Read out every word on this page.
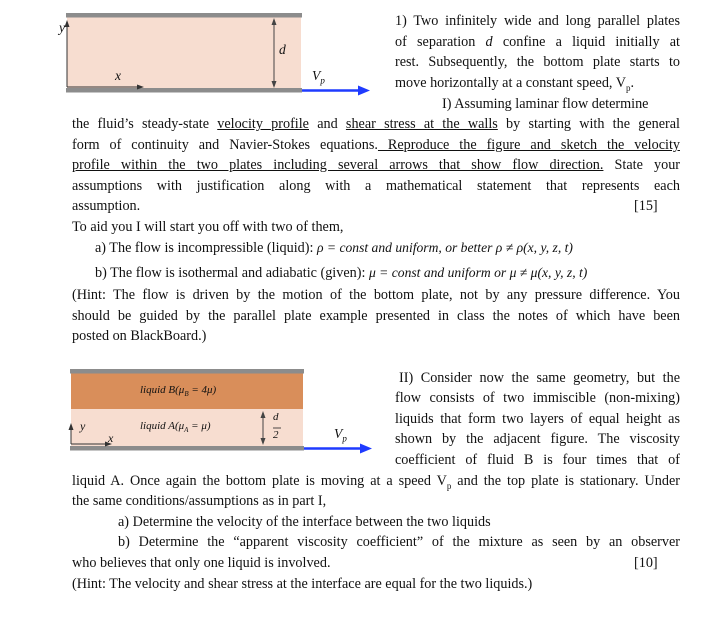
y
d
x	$V_p$
1) Two infinitely wide and long parallel plates
of separation d confine a liquid initially at
rest. Subsequently, the bottom plate starts to
move horizontally at a constant speed, $V_p$.
I) Assuming laminar flow determine
the fluid’s steady-state velocity profile and shear stress at the walls by starting with the general
form of continuity and Navier-Stokes equations. Reproduce the figure and sketch the velocity
profile within the two plates including several arrows that show flow direction. State your
assumptions with justification along with a mathematical statement that represents each
assumption.	[15]
To aid you I will start you off with two of them,
a) The flow is incompressible (liquid): ρ = const and uniform, or better ρ ≠ ρ(x, y, z, t)
b) The flow is isothermal and adiabatic (given): μ = const and uniform or μ ≠ μ(x, y, z, t)
(Hint: The flow is driven by the motion of the bottom plate, not by any pressure difference. You
should be guided by the parallel plate example presented in class the notes of which have been
posted on BlackBoard.)
liquid $B(\mu_B = 4\mu)$
liquid $A(\mu_A = \mu)$
y
x
d
2	$V_p$
II) Consider now the same geometry, but the
flow consists of two immiscible (non-mixing)
liquids that form two layers of equal height as
shown by the adjacent figure. The viscosity
coefficient of fluid B is four times that of
liquid A. Once again the bottom plate is moving at a speed $V_p$ and the top plate is stationary. Under
the same conditions/assumptions as in part I,
a) Determine the velocity of the interface between the two liquids
b) Determine the “apparent viscosity coefficient” of the mixture as seen by an observer
who believes that only one liquid is involved.	[10]
(Hint: The velocity and shear stress at the interface are equal for the two liquids.)
